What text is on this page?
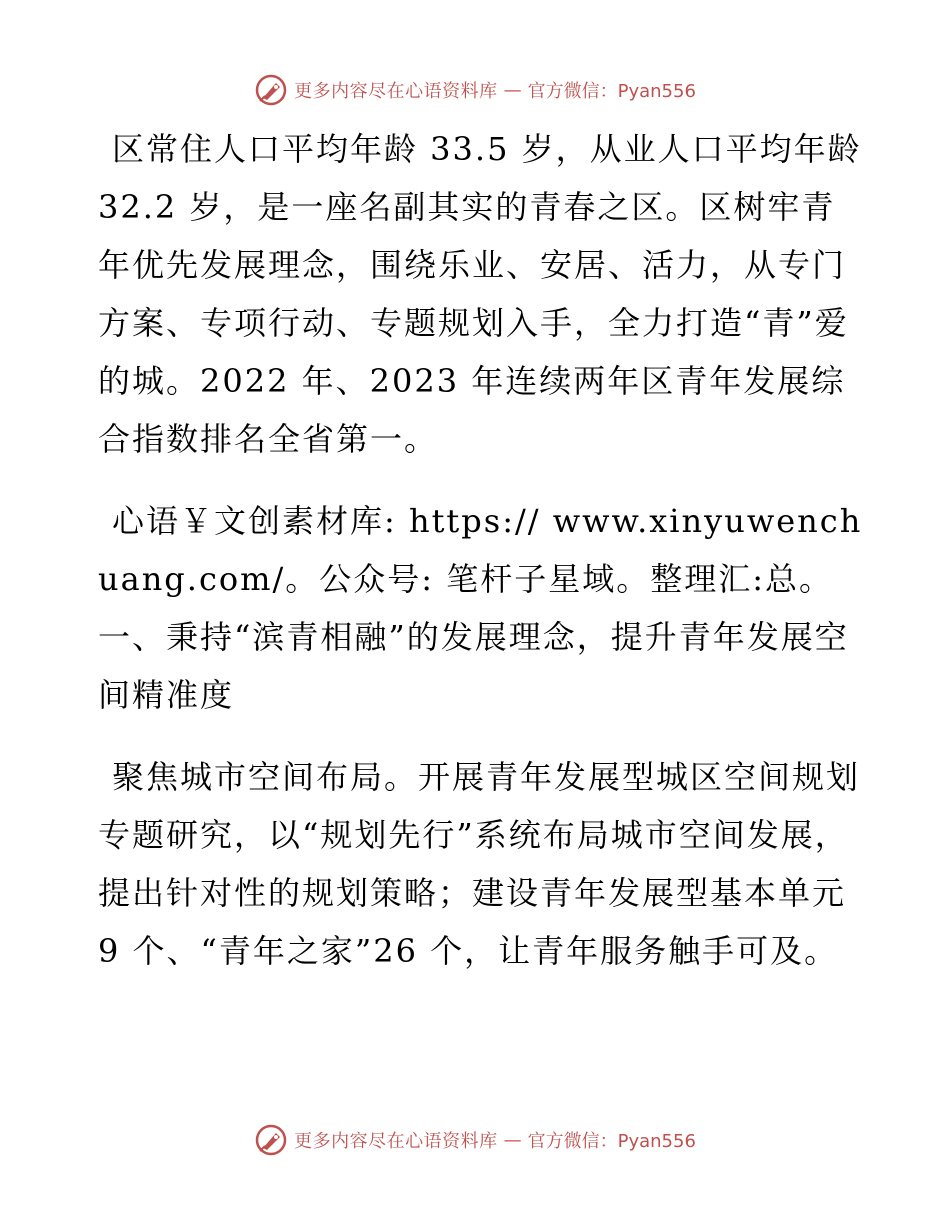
更多内容尽在心语资料库 — 官方微信：Pyan556

区常住人口平均年龄 33.5 岁，从业人口平均年龄 32.2 岁，是一座名副其实的青春之区。区树牢青年优先发展理念，围绕乐业、安居、活力，从专门方案、专项行动、专题规划入手，全力打造“青”爱的城。2022 年、2023 年连续两年区青年发展综合指数排名全省第一。

心语￥文创素材库: https:// www.xinyuwenchuang.com/。公众号: 笔杆子星域。整理汇:总。一、秉持“滨青相融”的发展理念，提升青年发展空间精准度

聚焦城市空间布局。开展青年发展型城区空间规划专题研究，以“规划先行”系统布局城市空间发展，提出针对性的规划策略；建设青年发展型基本单元 9 个、“青年之家”26 个，让青年服务触手可及。

更多内容尽在心语资料库 — 官方微信：Pyan556
